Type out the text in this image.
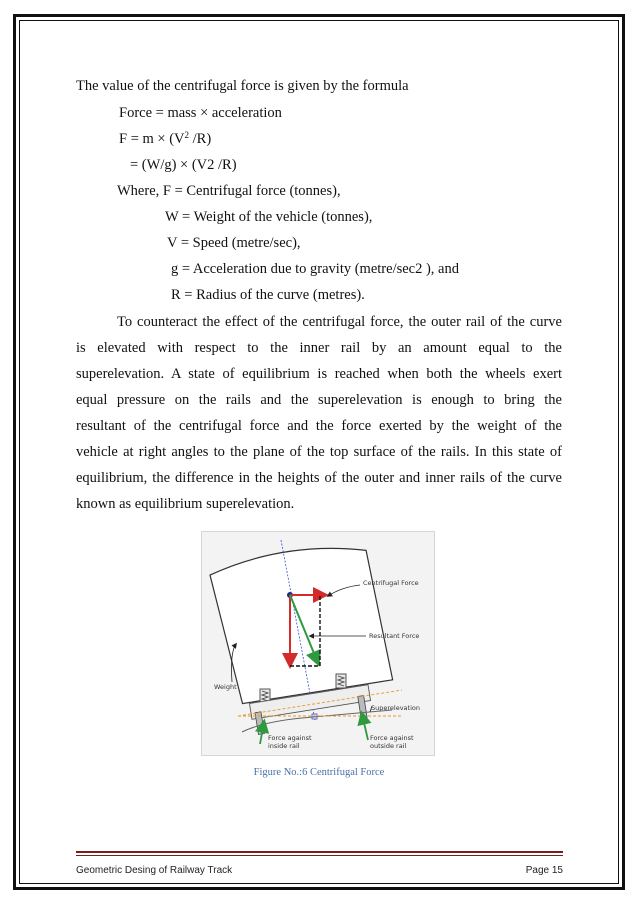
The value of the centrifugal force is given by the formula
Force = mass × acceleration
$F = m \times (V^2$ /R)
= (W/g) × (V2 /R)
Where, F = Centrifugal force (tonnes),
W = Weight of the vehicle (tonnes),
V = Speed (metre/sec),
g = Acceleration due to gravity (metre/sec2 ), and
R = Radius of the curve (metres).
To counteract the effect of the centrifugal force, the outer rail of the curve
is elevated with respect to the inner rail by an amount equal to the
superelevation. A state of equilibrium is reached when both the wheels exert
equal pressure on the rails and the superelevation is enough to bring the
resultant of the centrifugal force and the force exerted by the weight of the
vehicle at right angles to the plane of the top surface of the rails. In this state of
equilibrium, the difference in the heights of the outer and inner rails of the curve
known as equilibrium superelevation.
Centrifugal Force
Resultant Force
Weight
Superelevation
Force against
inside rail
Force against
outside rail
Figure No.:6 Centrifugal Force
Geometric Desing of Railway Track	Page 15
